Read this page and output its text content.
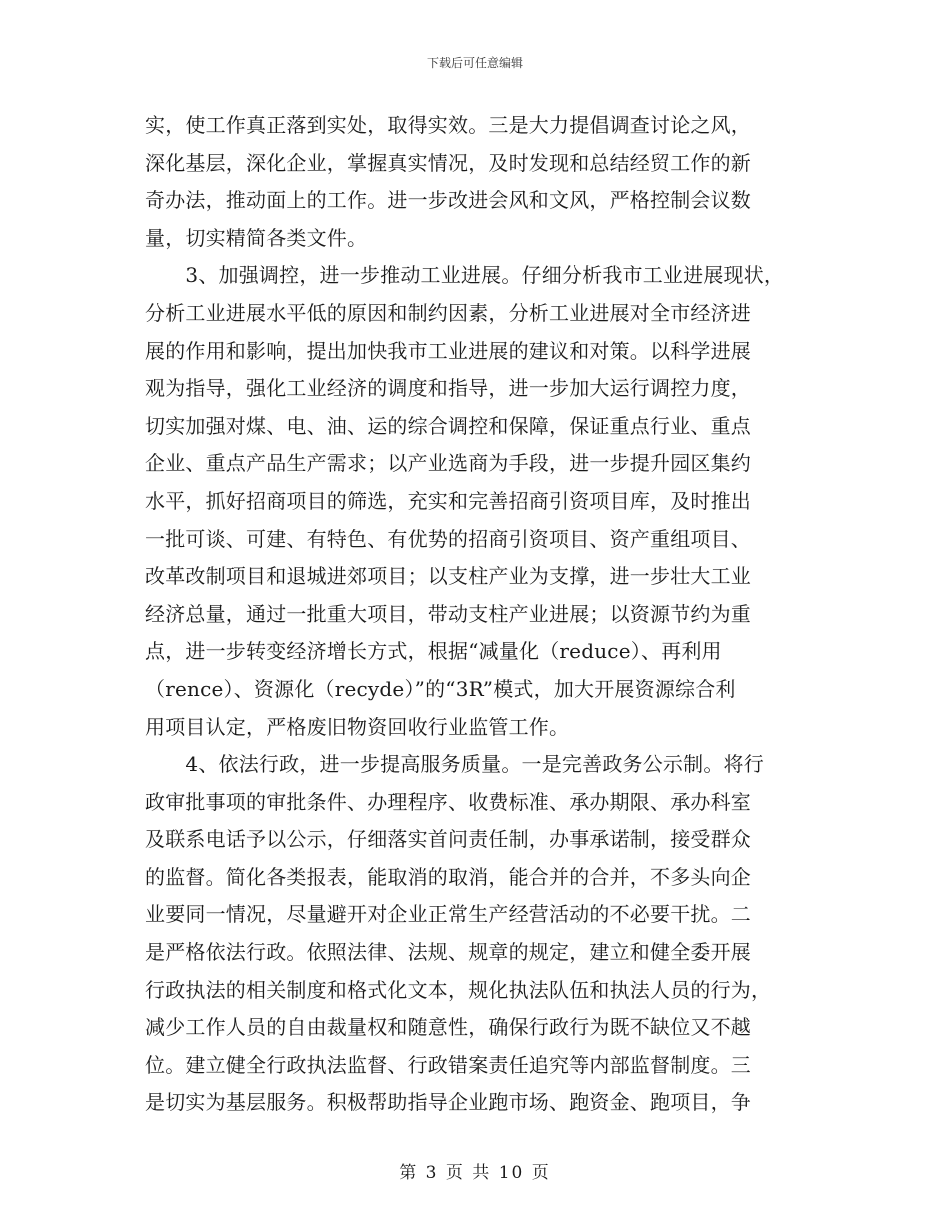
下载后可任意编辑
实，使工作真正落到实处，取得实效。三是大力提倡调查讨论之风，
深化基层，深化企业，掌握真实情况，及时发现和总结经贸工作的新
奇办法，推动面上的工作。进一步改进会风和文风，严格控制会议数
量，切实精简各类文件。
　　3、加强调控，进一步推动工业进展。仔细分析我市工业进展现状，
分析工业进展水平低的原因和制约因素，分析工业进展对全市经济进
展的作用和影响，提出加快我市工业进展的建议和对策。以科学进展
观为指导，强化工业经济的调度和指导，进一步加大运行调控力度，
切实加强对煤、电、油、运的综合调控和保障，保证重点行业、重点
企业、重点产品生产需求；以产业选商为手段，进一步提升园区集约
水平，抓好招商项目的筛选，充实和完善招商引资项目库，及时推出
一批可谈、可建、有特色、有优势的招商引资项目、资产重组项目、
改革改制项目和退城进郊项目；以支柱产业为支撑，进一步壮大工业
经济总量，通过一批重大项目，带动支柱产业进展；以资源节约为重
点，进一步转变经济增长方式，根据“减量化（reduce）、再利用
（rence）、资源化（recyde）”的“3R”模式，加大开展资源综合利
用项目认定，严格废旧物资回收行业监管工作。
　　4、依法行政，进一步提高服务质量。一是完善政务公示制。将行
政审批事项的审批条件、办理程序、收费标准、承办期限、承办科室
及联系电话予以公示，仔细落实首问责任制，办事承诺制，接受群众
的监督。简化各类报表，能取消的取消，能合并的合并，不多头向企
业要同一情况，尽量避开对企业正常生产经营活动的不必要干扰。二
是严格依法行政。依照法律、法规、规章的规定，建立和健全委开展
行政执法的相关制度和格式化文本，规化执法队伍和执法人员的行为，
减少工作人员的自由裁量权和随意性，确保行政行为既不缺位又不越
位。建立健全行政执法监督、行政错案责任追究等内部监督制度。三
是切实为基层服务。积极帮助指导企业跑市场、跑资金、跑项目，争
第 3 页 共 10 页
